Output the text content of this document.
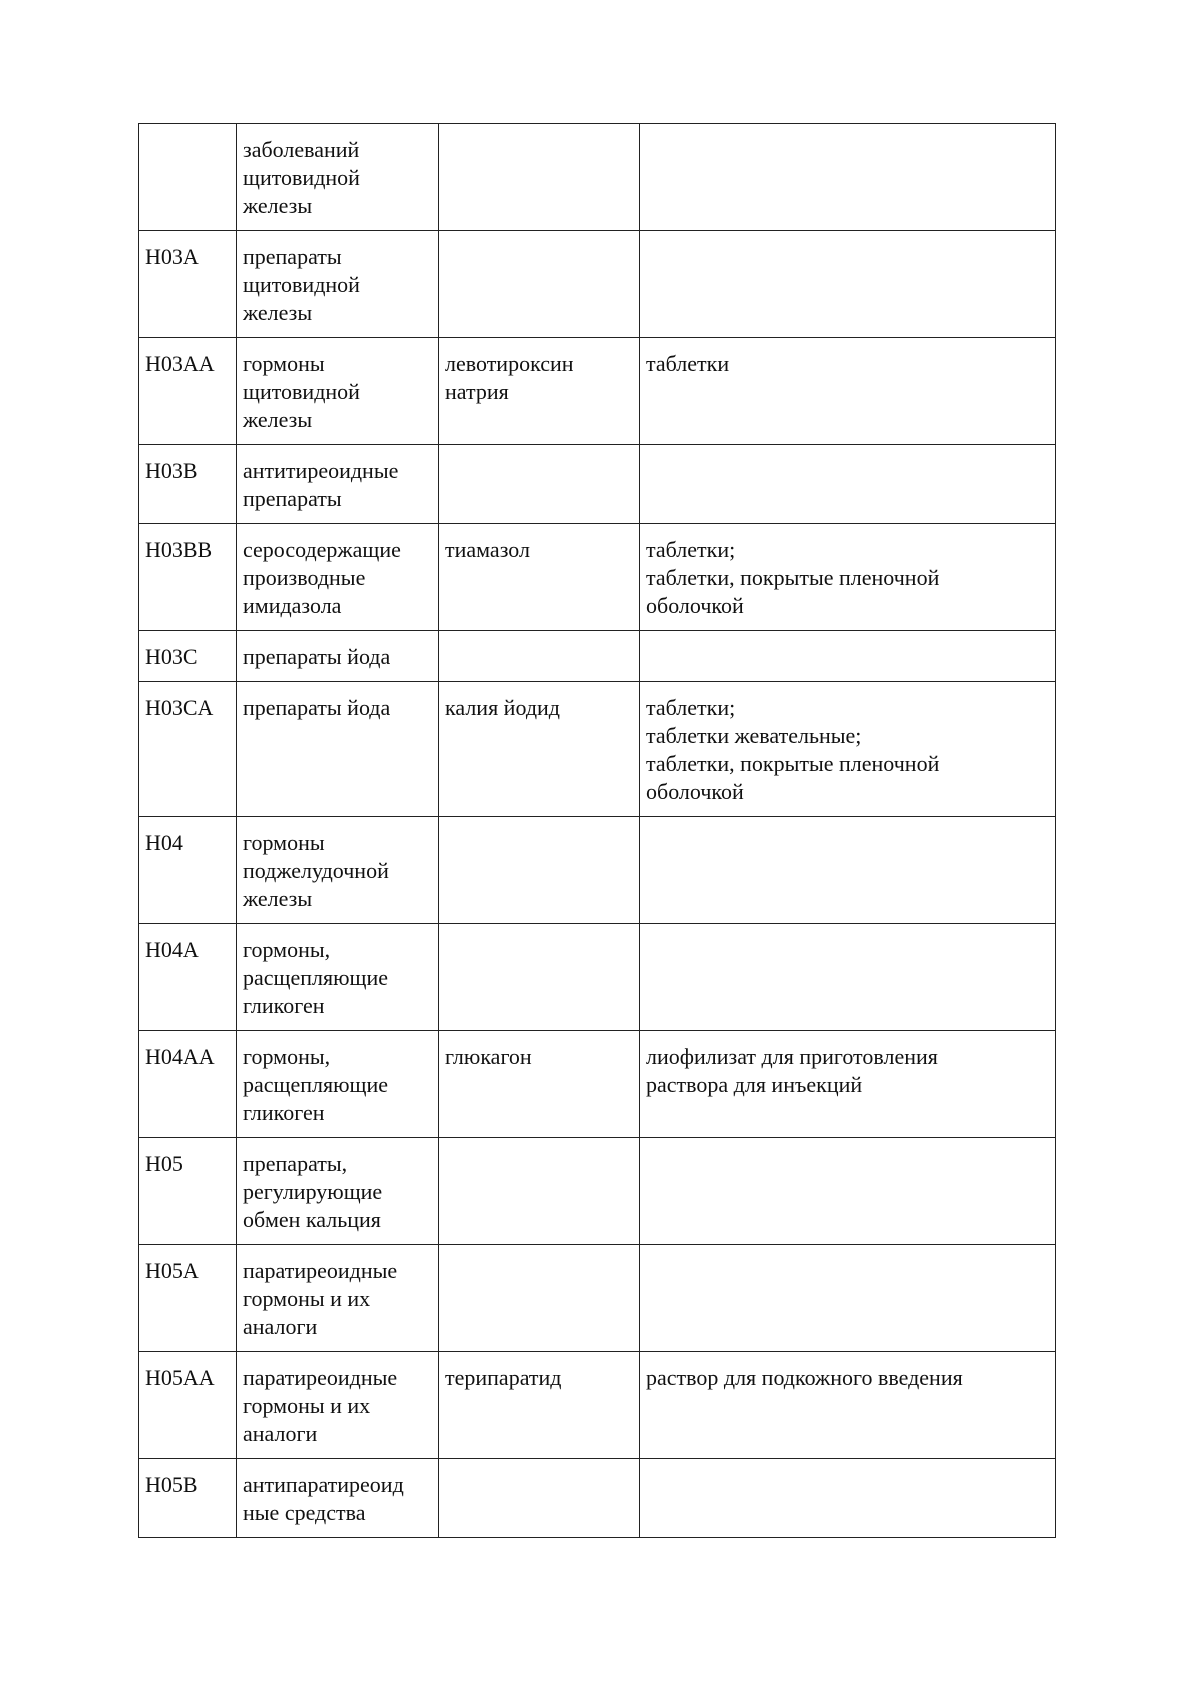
	заболеваний
щитовидной
железы		
H03A	препараты
щитовидной
железы		
H03AA	гормоны
щитовидной
железы	левотироксин
натрия	таблетки
H03B	антитиреоидные
препараты		
H03BB	серосодержащие
производные
имидазола	тиамазол	таблетки;
таблетки, покрытые пленочной
оболочкой
H03C	препараты йода		
H03CA	препараты йода	калия йодид	таблетки;
таблетки жевательные;
таблетки, покрытые пленочной
оболочкой
H04	гормоны
поджелудочной
железы		
H04A	гормоны,
расщепляющие
гликоген		
H04AA	гормоны,
расщепляющие
гликоген	глюкагон	лиофилизат для приготовления
раствора для инъекций
H05	препараты,
регулирующие
обмен кальция		
H05A	паратиреоидные
гормоны и их
аналоги		
H05AA	паратиреоидные
гормоны и их
аналоги	терипаратид	раствор для подкожного введения
H05B	антипаратиреоид
ные средства		
